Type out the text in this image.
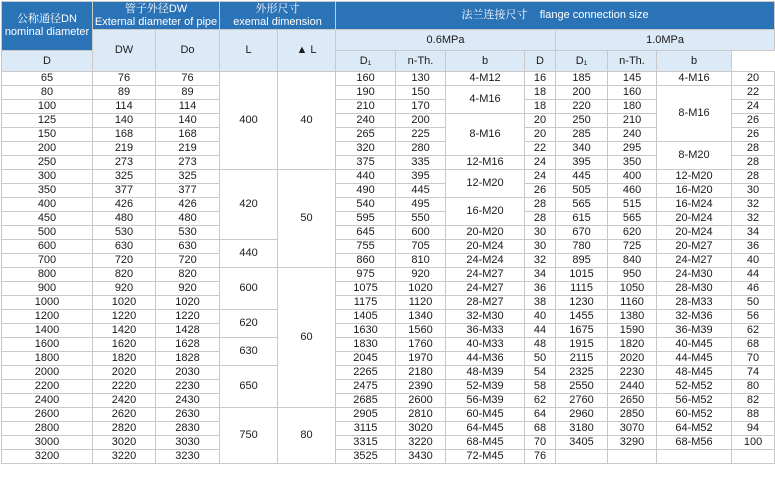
公称通径DN
nominal diameter	管子外径DW
External diameter of pipe		外形尺寸
exemal dimension		法兰连接尺寸    flange connection size							
	DW	Do	L	▲ L	0.6MPa				1.0MPa			
D					D₁	n-Th.	b	D	D₁	n-Th.	b	
65	76	76	400	40	160	130	4-M12	16	185	145	4-M16	20
80	89	89			190	150	4-M16	18	200	160	8-M16	22
100	114	114			210	170		18	220	180		24
125	140	140			240	200	8-M16	20	250	210		26
150	168	168			265	225		20	285	240		26
200	219	219			320	280		22	340	295	8-M20	28
250	273	273			375	335	12-M16	24	395	350		28
300	325	325	420	50	440	395	12-M20	24	445	400	12-M20	28
350	377	377			490	445		26	505	460	16-M20	30
400	426	426			540	495	16-M20	28	565	515	16-M24	32
450	480	480			595	550		28	615	565	20-M24	32
500	530	530			645	600	20-M20	30	670	620	20-M24	34
600	630	630	440		755	705	20-M24	30	780	725	20-M27	36
700	720	720			860	810	24-M24	32	895	840	24-M27	40
800	820	820	600	60	975	920	24-M27	34	1015	950	24-M30	44
900	920	920			1075	1020	24-M27	36	1115	1050	28-M30	46
1000	1020	1020			1175	1120	28-M27	38	1230	1160	28-M33	50
1200	1220	1220	620		1405	1340	32-M30	40	1455	1380	32-M36	56
1400	1420	1428			1630	1560	36-M33	44	1675	1590	36-M39	62
1600	1620	1628	630		1830	1760	40-M33	48	1915	1820	40-M45	68
1800	1820	1828			2045	1970	44-M36	50	2115	2020	44-M45	70
2000	2020	2030	650		2265	2180	48-M39	54	2325	2230	48-M45	74
2200	2220	2230			2475	2390	52-M39	58	2550	2440	52-M52	80
2400	2420	2430			2685	2600	56-M39	62	2760	2650	56-M52	82
2600	2620	2630	750	80	2905	2810	60-M45	64	2960	2850	60-M52	88
2800	2820	2830			3115	3020	64-M45	68	3180	3070	64-M52	94
3000	3020	3030			3315	3220	68-M45	70	3405	3290	68-M56	100
3200	3220	3230			3525	3430	72-M45	76				
